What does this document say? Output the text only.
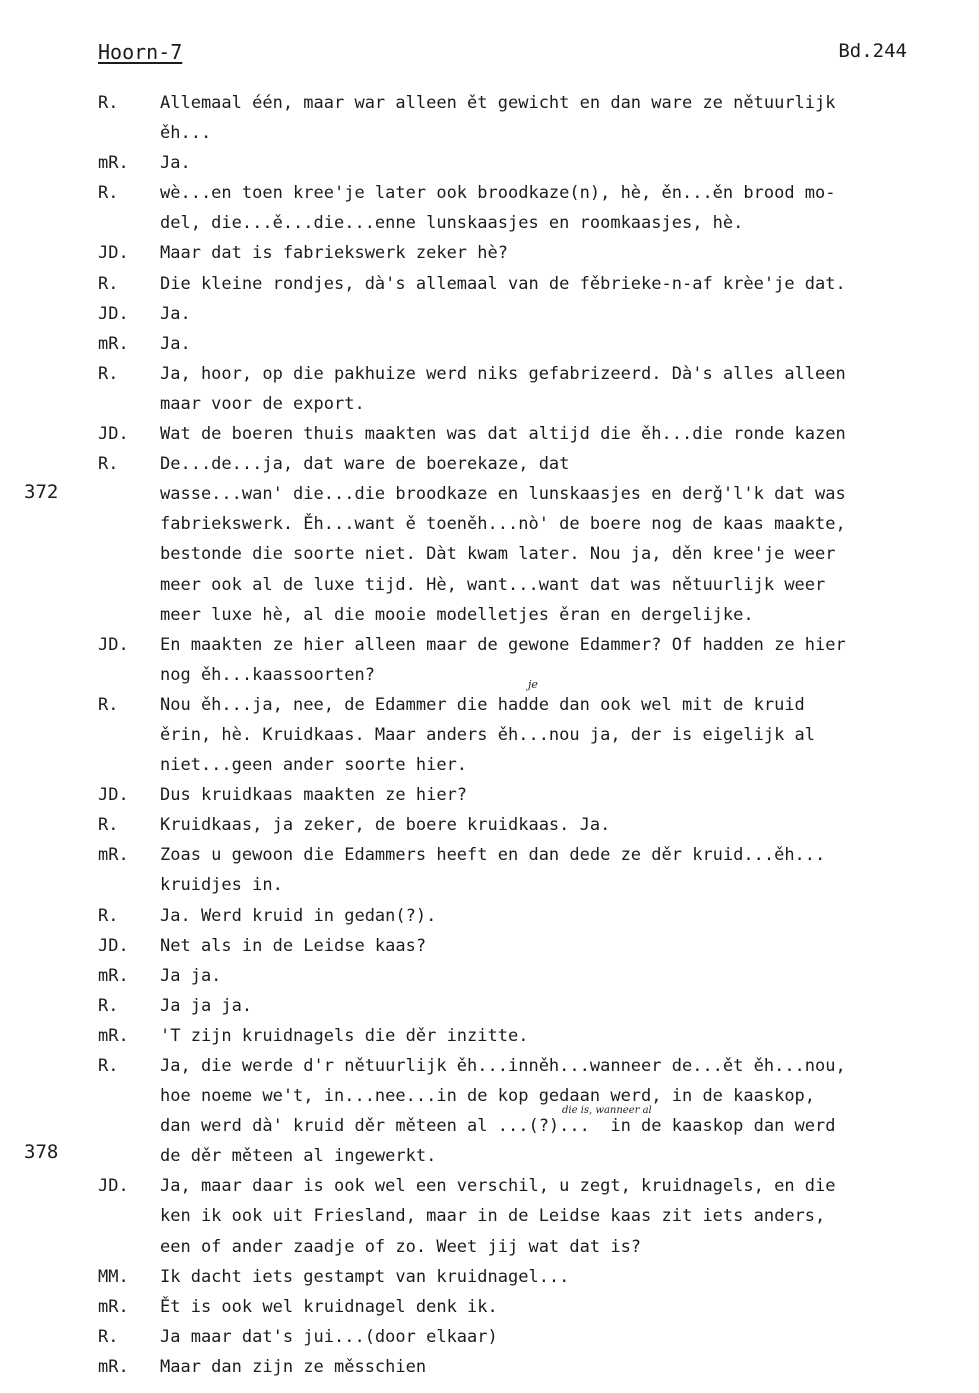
Hoorn-7	Bd.244
372
378
je
die is, wanneer al
R. Allemaal één, maar war alleen ět gewicht en dan ware ze nětuurlijk
ěh...
mR. Ja.
R. wè...en toen kree'je later ook broodkaze(n), hè, ěn...ěn brood mo-
del, die...ě...die...enne lunskaasjes en roomkaasjes, hè.
JD. Maar dat is fabriekswerk zeker hè?
R. Die kleine rondjes, dà's allemaal van de fěbrieke-n-af krèe'je dat.
JD. Ja.
mR. Ja.
R. Ja, hoor, op die pakhuize werd niks gefabrizeerd. Dà's alles alleen
maar voor de export.
JD. Wat de boeren thuis maakten was dat altijd die ěh...die ronde kazen
R. De...de...ja, dat ware de boerekaze, dat
wasse...wan' die...die broodkaze en lunskaasjes en derǧ'l'k dat was
fabriekswerk. Ěh...want ě toeněh...nò' de boere nog de kaas maakte,
bestonde die soorte niet. Dàt kwam later. Nou ja, děn kree'je weer
meer ook al de luxe tijd. Hè, want...want dat was nětuurlijk weer
meer luxe hè, al die mooie modelletjes ěran en dergelijke.
JD. En maakten ze hier alleen maar de gewone Edammer? Of hadden ze hier
nog ěh...kaassoorten?
R. Nou ěh...ja, nee, de Edammer die hadde dan ook wel mit de kruid
ěrin, hè. Kruidkaas. Maar anders ěh...nou ja, der is eigelijk al
niet...geen ander soorte hier.
JD. Dus kruidkaas maakten ze hier?
R. Kruidkaas, ja zeker, de boere kruidkaas. Ja.
mR. Zoas u gewoon die Edammers heeft en dan dede ze děr kruid...ěh...
kruidjes in.
R. Ja. Werd kruid in gedan(?).
JD. Net als in de Leidse kaas?
mR. Ja ja.
R. Ja ja ja.
mR. 'T zijn kruidnagels die děr inzitte.
R. Ja, die werde d'r nětuurlijk ěh...inněh...wanneer de...ět ěh...nou,
hoe noeme we't, in...nee...in de kop gedaan werd, in de kaaskop,
dan werd dà' kruid děr měteen al ...(?)...  in de kaaskop dan werd
de děr měteen al ingewerkt.
JD. Ja, maar daar is ook wel een verschil, u zegt, kruidnagels, en die
ken ik ook uit Friesland, maar in de Leidse kaas zit iets anders,
een of ander zaadje of zo. Weet jij wat dat is?
MM. Ik dacht iets gestampt van kruidnagel...
mR. Ět is ook wel kruidnagel denk ik.
R. Ja maar dat's jui...(door elkaar)
mR. Maar dan zijn ze měsschien
